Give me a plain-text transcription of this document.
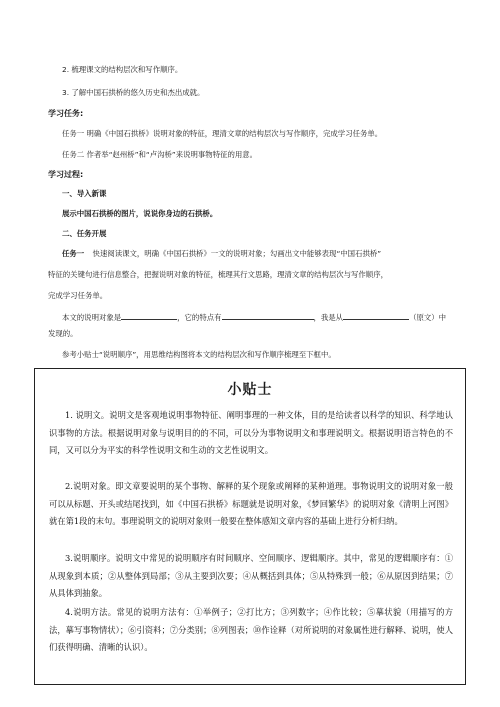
2. 梳理课文的结构层次和写作顺序。
3. 了解中国石拱桥的悠久历史和杰出成就。
学习任务:
任务一 明确《中国石拱桥》说明对象的特征，理清文章的结构层次与写作顺序，完成学习任务单。
任务二 作者举“赵州桥”和“卢沟桥”来说明事物特征的用意。
学习过程:
一、导入新课
展示中国石拱桥的图片，说说你身边的石拱桥。
二、任务开展
任务一 快速阅读课文，明确《中国石拱桥》一文的说明对象；勾画出文中能够表现“中国石拱桥”
特征的关键句进行信息整合，把握说明对象的特征，梳理其行文思路，理清文章的结构层次与写作顺序，
完成学习任务单。
本文的说明对象是	，它的特点有	，我是从	（原文）中
发现的。
参考小贴士“说明顺序”，用思维结构图将本文的结构层次和写作顺序梳理至下框中。
小贴士
1. 说明文。说明文是客观地说明事物特征、阐明事理的一种文体，目的是给读者以科学的知识、科学地认识事物的方法。根据说明对象与说明目的的不同，可以分为事物说明文和事理说明文。根据说明语言特色的不同，又可以分为平实的科学性说明文和生动的文艺性说明文。
2.说明对象。即文章要说明的某个事物、解释的某个现象或阐释的某种道理。事物说明文的说明对象一般可以从标题、开头或结尾找到，如《中国石拱桥》标题就是说明对象，《梦回繁华》的说明对象《清明上河图》就在第1段的末句。事理说明文的说明对象则一般要在整体感知文章内容的基础上进行分析归纳。
3.说明顺序。说明文中常见的说明顺序有时间顺序、空间顺序、逻辑顺序。其中，常见的逻辑顺序有：①从现象到本质；②从整体到局部；③从主要到次要；④从概括到具体；⑤从特殊到一般；⑥从原因到结果；⑦从具体到抽象。
4.说明方法。常见的说明方法有：①举例子；②打比方；③列数字；④作比较；⑤摹状貌（用描写的方法，摹写事物情状）；⑥引资料；⑦分类别；⑧列图表；⑩作诠释（对所说明的对象属性进行解释、说明，使人们获得明确、清晰的认识）。
